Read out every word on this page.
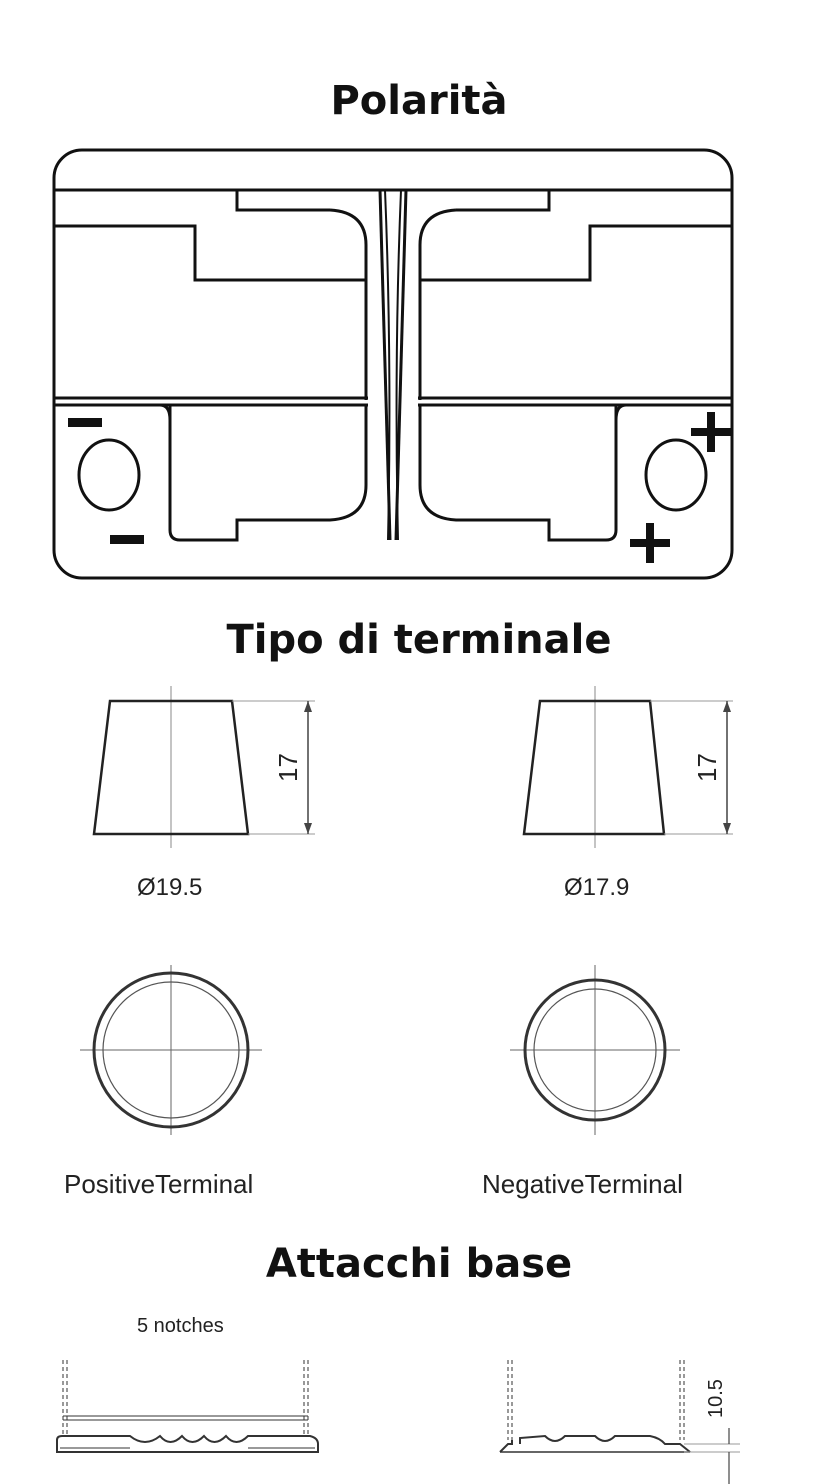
Polarità
Tipo di terminale
Attacchi base
17
Ø19.5
17
Ø17.9
PositiveTerminal	NegativeTerminal
5 notches
10.5
